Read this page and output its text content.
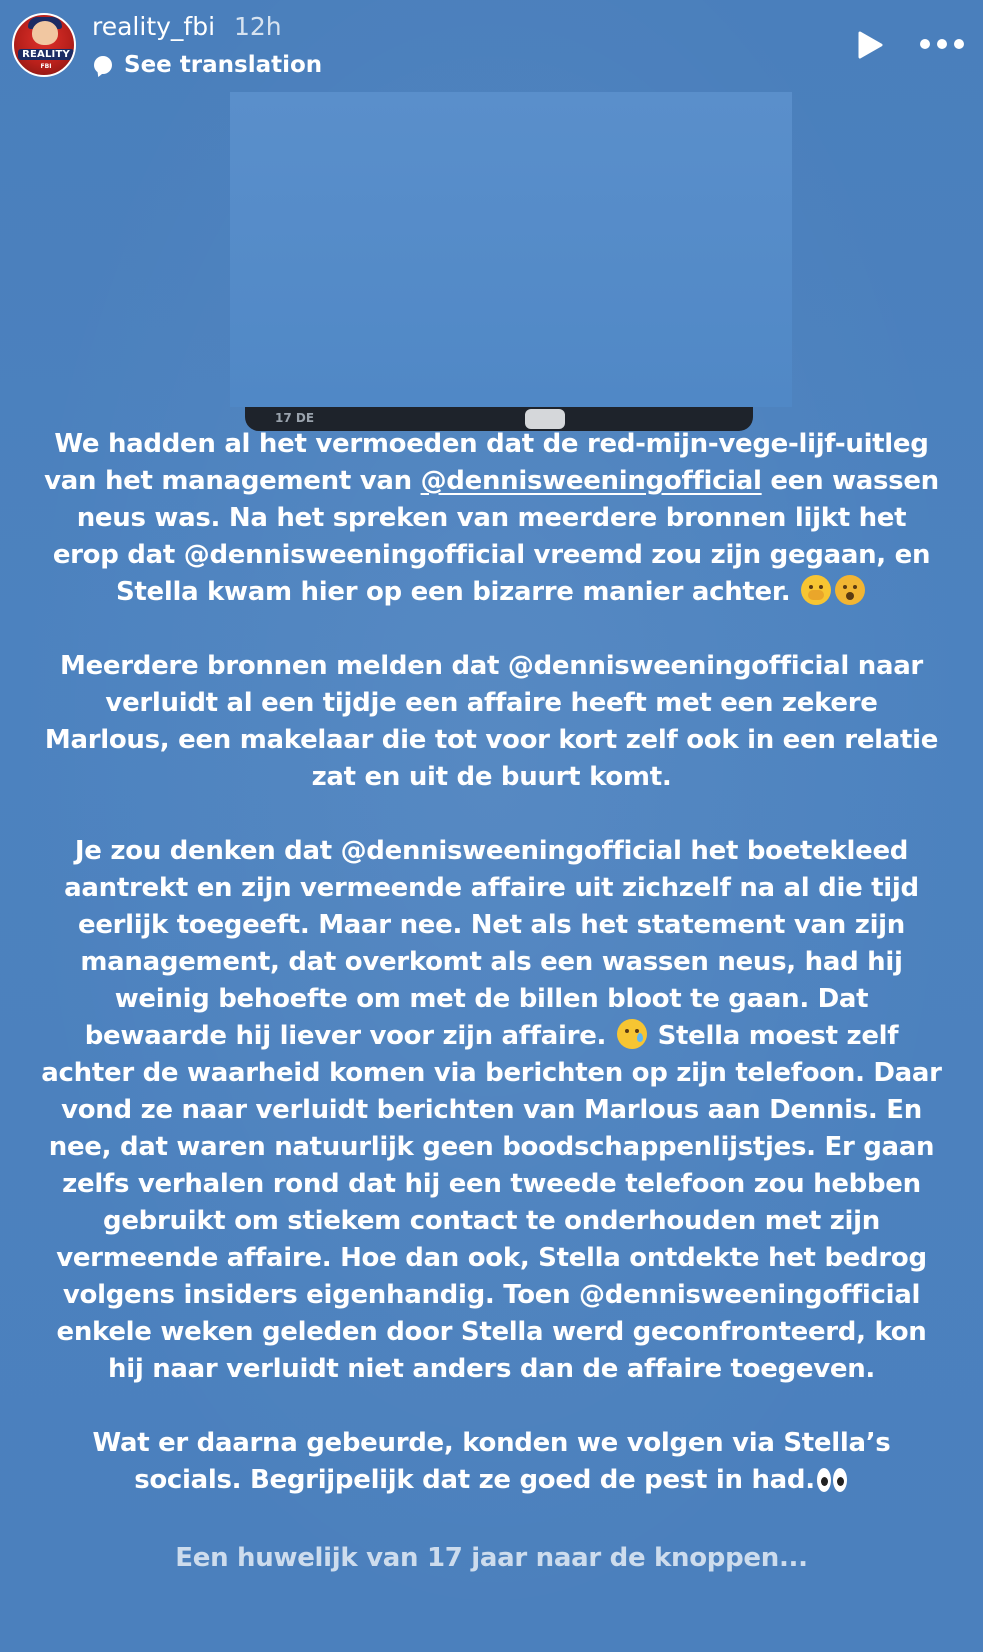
REALITY
FBI
reality_fbi 12h
See translation
17 DE

We hadden al het vermoeden dat de red-mijn-vege-lijf-uitleg van het management van @dennisweeningofficial een wassen neus was. Na het spreken van meerdere bronnen lijkt het erop dat @dennisweeningofficial vreemd zou zijn gegaan, en Stella kwam hier op een bizarre manier achter.

Meerdere bronnen melden dat @dennisweeningofficial naar verluidt al een tijdje een affaire heeft met een zekere Marlous, een makelaar die tot voor kort zelf ook in een relatie zat en uit de buurt komt.

Je zou denken dat @dennisweeningofficial het boetekleed aantrekt en zijn vermeende affaire uit zichzelf na al die tijd eerlijk toegeeft. Maar nee. Net als het statement van zijn management, dat overkomt als een wassen neus, had hij weinig behoefte om met de billen bloot te gaan. Dat bewaarde hij liever voor zijn affaire.
Stella moest zelf achter de waarheid komen via berichten op zijn telefoon. Daar vond ze naar verluidt berichten van Marlous aan Dennis. En nee, dat waren natuurlijk geen boodschappenlijstjes. Er gaan zelfs verhalen rond dat hij een tweede telefoon zou hebben gebruikt om stiekem contact te onderhouden met zijn vermeende affaire. Hoe dan ook, Stella ontdekte het bedrog volgens insiders eigenhandig. Toen @dennisweeningofficial enkele weken geleden door Stella werd geconfronteerd, kon hij naar verluidt niet anders dan de affaire toegeven.

Wat er daarna gebeurde, konden we volgen via Stella’s socials. Begrijpelijk dat ze goed de pest in had.

Een huwelijk van 17 jaar naar de knoppen...
